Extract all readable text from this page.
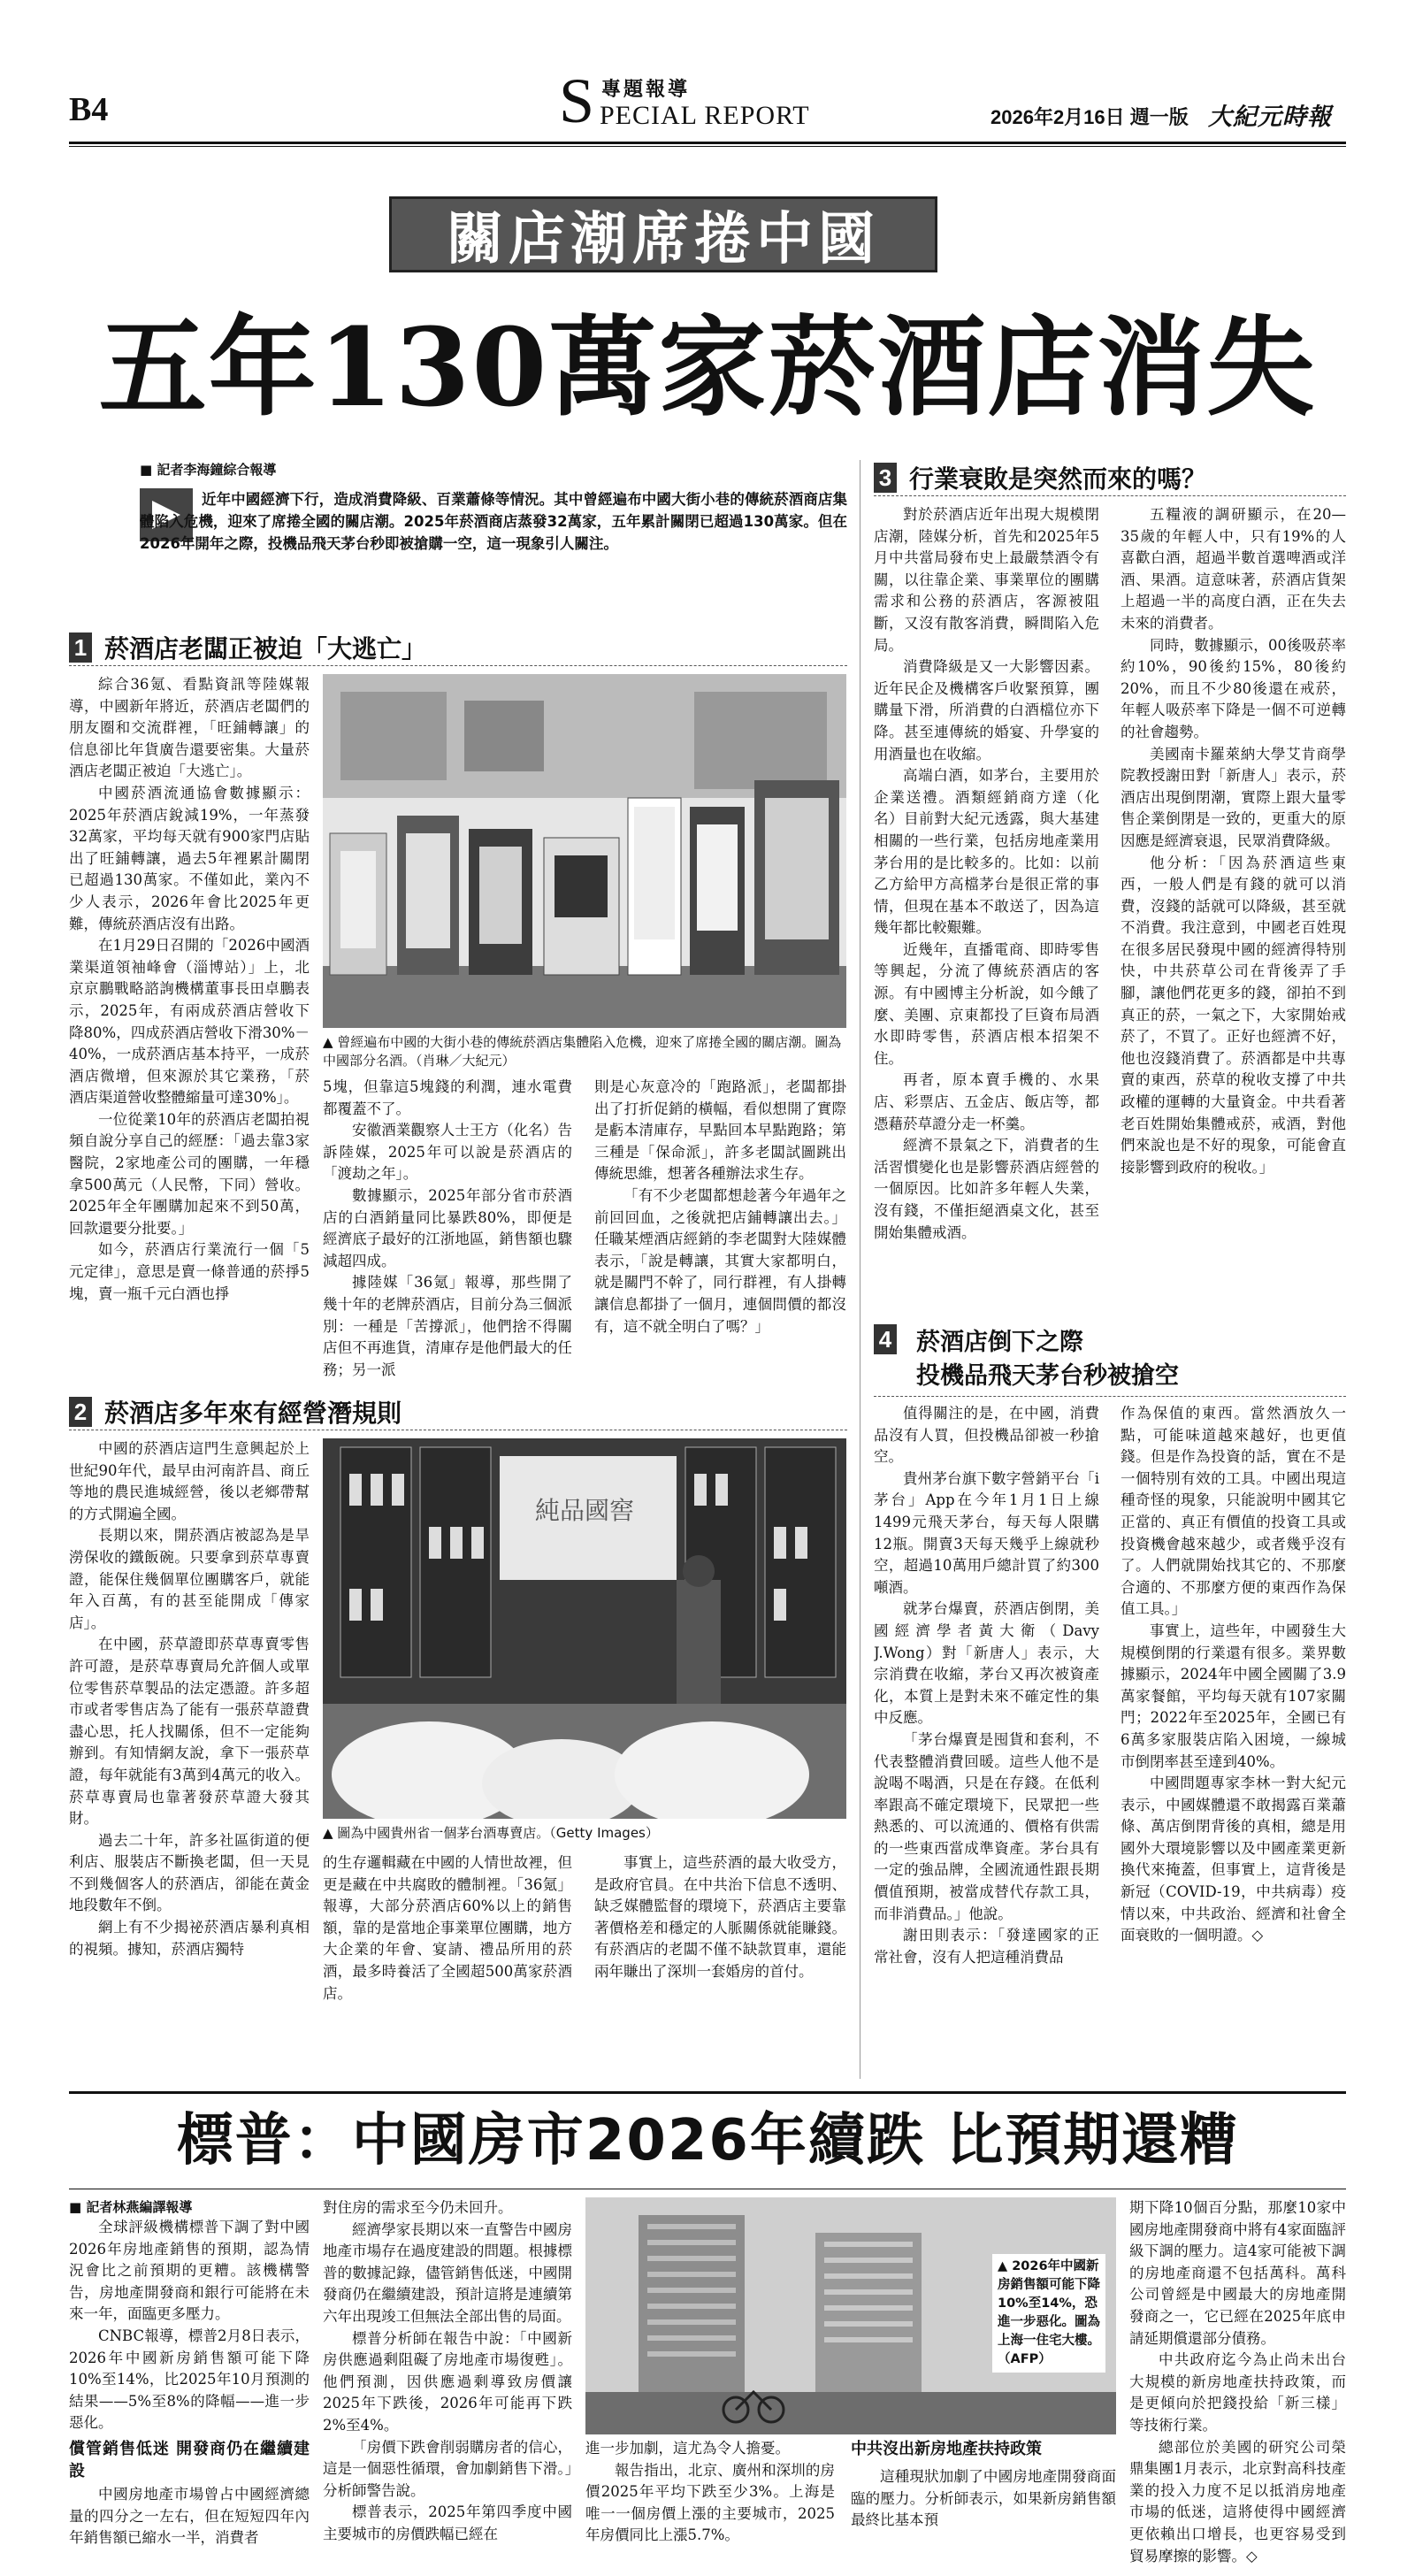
B4	S 專題報導
PECIAL REPORT	2026年2月16日 週一版 大紀元時報
關店潮席捲中國
五年130萬家菸酒店消失
■ 記者李海鐘綜合報導
近年中國經濟下行，造成消費降級、百業蕭條等情況。其中曾經遍布中國大街小巷的傳統菸酒商店集體陷入危機，迎來了席捲全國的關店潮。2025年菸酒商店蒸發32萬家，五年累計關閉已超過130萬家。但在2026年開年之際，投機品飛天茅台秒即被搶購一空，這一現象引人關注。
1 菸酒店老闆正被迫「大逃亡」

綜合36氪、看點資訊等陸媒報導，中國新年將近，菸酒店老闆們的朋友圈和交流群裡，「旺鋪轉讓」的信息卻比年貨廣告還要密集。大量菸酒店老闆正被迫「大逃亡」。

中國菸酒流通協會數據顯示：2025年菸酒店銳減19%，一年蒸發32萬家，平均每天就有900家門店貼出了旺鋪轉讓，過去5年裡累計關閉已超過130萬家。不僅如此，業內不少人表示，2026年會比2025年更難，傳統菸酒店沒有出路。

在1月29日召開的「2026中國酒業渠道領袖峰會（淄博站）」上，北京京鵬戰略諮詢機構董事長田卓鵬表示，2025年，有兩成菸酒店營收下降80%，四成菸酒店營收下滑30%－40%，一成菸酒店基本持平，一成菸酒店微增，但來源於其它業務，「菸酒店渠道營收整體縮量可達30%」。

一位從業10年的菸酒店老闆拍視頻自說分享自己的經歷：「過去靠3家醫院，2家地產公司的團購，一年穩拿500萬元（人民幣，下同）營收。2025年全年團購加起來不到50萬，回款還要分批要。」

如今，菸酒店行業流行一個「5元定律」，意思是賣一條普通的菸掙5塊，賣一瓶千元白酒也掙

▲ 曾經遍布中國的大街小巷的傳統菸酒店集體陷入危機，迎來了席捲全國的關店潮。圖為中國部分名酒。（肖琳／大紀元）
5塊，但靠這5塊錢的利潤，連水電費都覆蓋不了。

安徽酒業觀察人士王方（化名）告訴陸媒，2025年可以說是菸酒店的「渡劫之年」。

數據顯示，2025年部分省市菸酒店的白酒銷量同比暴跌80%，即便是經濟底子最好的江浙地區，銷售額也驟減超四成。

據陸媒「36氪」報導，那些開了幾十年的老牌菸酒店，目前分為三個派別：一種是「苦撐派」，他們捨不得關店但不再進貨，清庫存是他們最大的任務；另一派

則是心灰意冷的「跑路派」，老闆都掛出了打折促銷的橫幅，看似想開了實際是虧本清庫存，早點回本早點跑路；第三種是「保命派」，許多老闆試圖跳出傳統思維，想著各種辦法求生存。

「有不少老闆都想趁著今年過年之前回回血，之後就把店鋪轉讓出去。」任職某煙酒店經銷的李老闆對大陸媒體表示，「說是轉讓，其實大家都明白，就是關門不幹了，同行群裡，有人掛轉讓信息都掛了一個月，連個問價的都沒有，這不就全明白了嗎？」

2 菸酒店多年來有經營潛規則

中國的菸酒店這門生意興起於上世紀90年代，最早由河南許昌、商丘等地的農民進城經營，後以老鄉帶幫的方式開遍全國。

長期以來，開菸酒店被認為是旱澇保收的鐵飯碗。只要拿到菸草專賣證，能保住幾個單位團購客戶，就能年入百萬，有的甚至能開成「傳家店」。

在中國，菸草證即菸草專賣零售許可證，是菸草專賣局允許個人或單位零售菸草製品的法定憑證。許多超市或者零售店為了能有一張菸草證費盡心思，托人找關係，但不一定能夠辦到。有知情網友說，拿下一張菸草證，每年就能有3萬到4萬元的收入。菸草專賣局也靠著發菸草證大發其財。

過去二十年，許多社區街道的便利店、服裝店不斷換老闆，但一天見不到幾個客人的菸酒店，卻能在黃金地段數年不倒。

網上有不少揭祕菸酒店暴利真相的視頻。據知，菸酒店獨特

純品國窖
▲ 圖為中國貴州省一個茅台酒專賣店。（Getty Images）
的生存邏輯藏在中國的人情世故裡，但更是藏在中共腐敗的體制裡。「36氪」報導，大部分菸酒店60%以上的銷售額，靠的是當地企事業單位團購，地方大企業的年會、宴請、禮品所用的菸酒，最多時養活了全國超500萬家菸酒店。

事實上，這些菸酒的最大收受方，是政府官員。在中共治下信息不透明、缺乏媒體監督的環境下，菸酒店主要靠著價格差和穩定的人脈關係就能賺錢。有菸酒店的老闆不僅不缺款買車，還能兩年賺出了深圳一套婚房的首付。

3 行業衰敗是突然而來的嗎？

對於菸酒店近年出現大規模閉店潮，陸媒分析，首先和2025年5月中共當局發布史上最嚴禁酒令有關，以往靠企業、事業單位的團購需求和公務的菸酒店，客源被阻斷，又沒有散客消費，瞬間陷入危局。

消費降級是又一大影響因素。近年民企及機構客戶收緊預算，團購量下滑，所消費的白酒檔位亦下降。甚至連傳統的婚宴、升學宴的用酒量也在收縮。

高端白酒，如茅台，主要用於企業送禮。酒類經銷商方達（化名）目前對大紀元透露，與大基建相關的一些行業，包括房地產業用茅台用的是比較多的。比如：以前乙方給甲方高檔茅台是很正常的事情，但現在基本不敢送了，因為這幾年都比較艱難。

近幾年，直播電商、即時零售等興起，分流了傳統菸酒店的客源。有中國博主分析說，如今餓了麼、美團、京東都投了巨資布局酒水即時零售，菸酒店根本招架不住。

再者，原本賣手機的、水果店、彩票店、五金店、飯店等，都憑藉菸草證分走一杯羹。

經濟不景氣之下，消費者的生活習慣變化也是影響菸酒店經營的一個原因。比如許多年輕人失業，沒有錢，不僅拒絕酒桌文化，甚至開始集體戒酒。

五糧液的調研顯示，在20—35歲的年輕人中，只有19%的人喜歡白酒，超過半數首選啤酒或洋酒、果酒。這意味著，菸酒店貨架上超過一半的高度白酒，正在失去未來的消費者。

同時，數據顯示，00後吸菸率約10%，90後約15%，80後約20%，而且不少80後還在戒菸，年輕人吸菸率下降是一個不可逆轉的社會趨勢。

美國南卡羅萊納大學艾肯商學院教授謝田對「新唐人」表示，菸酒店出現倒閉潮，實際上跟大量零售企業倒閉是一致的，更重大的原因應是經濟衰退，民眾消費降級。

他分析：「因為菸酒這些東西，一般人們是有錢的就可以消費，沒錢的話就可以降級，甚至就不消費。我注意到，中國老百姓現在很多居民發現中國的經濟得特別快，中共菸草公司在背後弄了手腳，讓他們花更多的錢，卻拍不到真正的菸，一氣之下，大家開始戒菸了，不買了。正好也經濟不好，他也沒錢消費了。菸酒都是中共專賣的東西，菸草的稅收支撐了中共政權的運轉的大量資金。中共看著老百姓開始集體戒菸，戒酒，對他們來說也是不好的現象，可能會直接影響到政府的稅收。」

4 菸酒店倒下之際
投機品飛天茅台秒被搶空

值得關注的是，在中國，消費品沒有人買，但投機品卻被一秒搶空。

貴州茅台旗下數字營銷平台「i茅台」App在今年1月1日上線1499元飛天茅台，每天每人限購12瓶。開賣3天每天幾乎上線就秒空，超過10萬用戶總計買了約300噸酒。

就茅台爆賣，菸酒店倒閉，美國經濟學者黃大衛（Davy J.Wong）對「新唐人」表示，大宗消費在收縮，茅台又再次被資產化，本質上是對未來不確定性的集中反應。

「茅台爆賣是囤貨和套利，不代表整體消費回暖。這些人他不是說喝不喝酒，只是在存錢。在低利率跟高不確定環境下，民眾把一些熱悉的、可以流通的、價格有供需的一些東西當成準資產。茅台具有一定的強品牌，全國流通性跟長期價值預期，被當成替代存款工具，而非消費品。」他說。

謝田則表示：「發達國家的正常社會，沒有人把這種消費品

作為保值的東西。當然酒放久一點，可能味道越來越好，也更值錢。但是作為投資的話，實在不是一個特別有效的工具。中國出現這種奇怪的現象，只能說明中國其它正當的、真正有價值的投資工具或投資機會越來越少，或者幾乎沒有了。人們就開始找其它的、不那麼合適的、不那麼方便的東西作為保值工具。」

事實上，這些年，中國發生大規模倒閉的行業還有很多。業界數據顯示，2024年中國全國關了3.9萬家餐館，平均每天就有107家關門；2022年至2025年，全國已有6萬多家服裝店陷入困境，一線城市倒閉率甚至達到40%。

中國問題專家李林一對大紀元表示，中國媒體還不敢揭露百業蕭條、萬店倒閉背後的真相，總是用國外大環境影響以及中國產業更新換代來掩蓋，但事實上，這背後是新冠（COVID-19，中共病毒）疫情以來，中共政治、經濟和社會全面衰敗的一個明證。◇

標普：中國房市2026年續跌 比預期還糟
■ 記者林燕編譯報導

全球評級機構標普下調了對中國2026年房地產銷售的預期，認為情況會比之前預期的更糟。該機構警告，房地產開發商和銀行可能將在未來一年，面臨更多壓力。

CNBC報導，標普2月8日表示，2026年中國新房銷售額可能下降10%至14%，比2025年10月預測的結果——5%至8%的降幅——進一步惡化。

償管銷售低迷 開發商仍在繼續建設

中國房地產市場曾占中國經濟總量的四分之一左右，但在短短四年內年銷售額已縮水一半，消費者

對住房的需求至今仍未回升。

經濟學家長期以來一直警告中國房地產市場存在過度建設的問題。根據標普的數據記錄，儘管銷售低迷，中國開發商仍在繼續建設，預計這將是連續第六年出現竣工但無法全部出售的局面。

標普分析師在報告中說：「中國新房供應過剩阻礙了房地產市場復甦」。他們預測，因供應過剩導致房價讓2025年下跌後，2026年可能再下跌2%至4%。

「房價下跌會削弱購房者的信心，這是一個惡性循環，會加劇銷售下滑。」分析師警告說。

標普表示，2025年第四季度中國主要城市的房價跌幅已經在

▲ 2026年中國新房銷售額可能下降10%至14%，恐進一步惡化。圖為上海一住宅大樓。（AFP）
進一步加劇，這尤為令人擔憂。

報告指出，北京、廣州和深圳的房價2025年平均下跌至少3%。上海是唯一一個房價上漲的主要城市，2025年房價同比上漲5.7%。

中共沒出新房地產扶持政策
這種現狀加劇了中國房地產開發商面臨的壓力。分析師表示，如果新房銷售額最終比基本預
期下降10個百分點，那麼10家中國房地產開發商中將有4家面臨評級下調的壓力。這4家可能被下調的房地產商還不包括萬科。萬科公司曾經是中國最大的房地產開發商之一，它已經在2025年底申請延期償還部分債務。

中共政府迄今為止尚未出台大規模的新房地產扶持政策，而是更傾向於把錢投給「新三樣」等技術行業。

總部位於美國的研究公司榮鼎集團1月表示，北京對高科技產業的投入力度不足以抵消房地產市場的低迷，這將使得中國經濟更依賴出口增長，也更容易受到貿易摩擦的影響。◇
